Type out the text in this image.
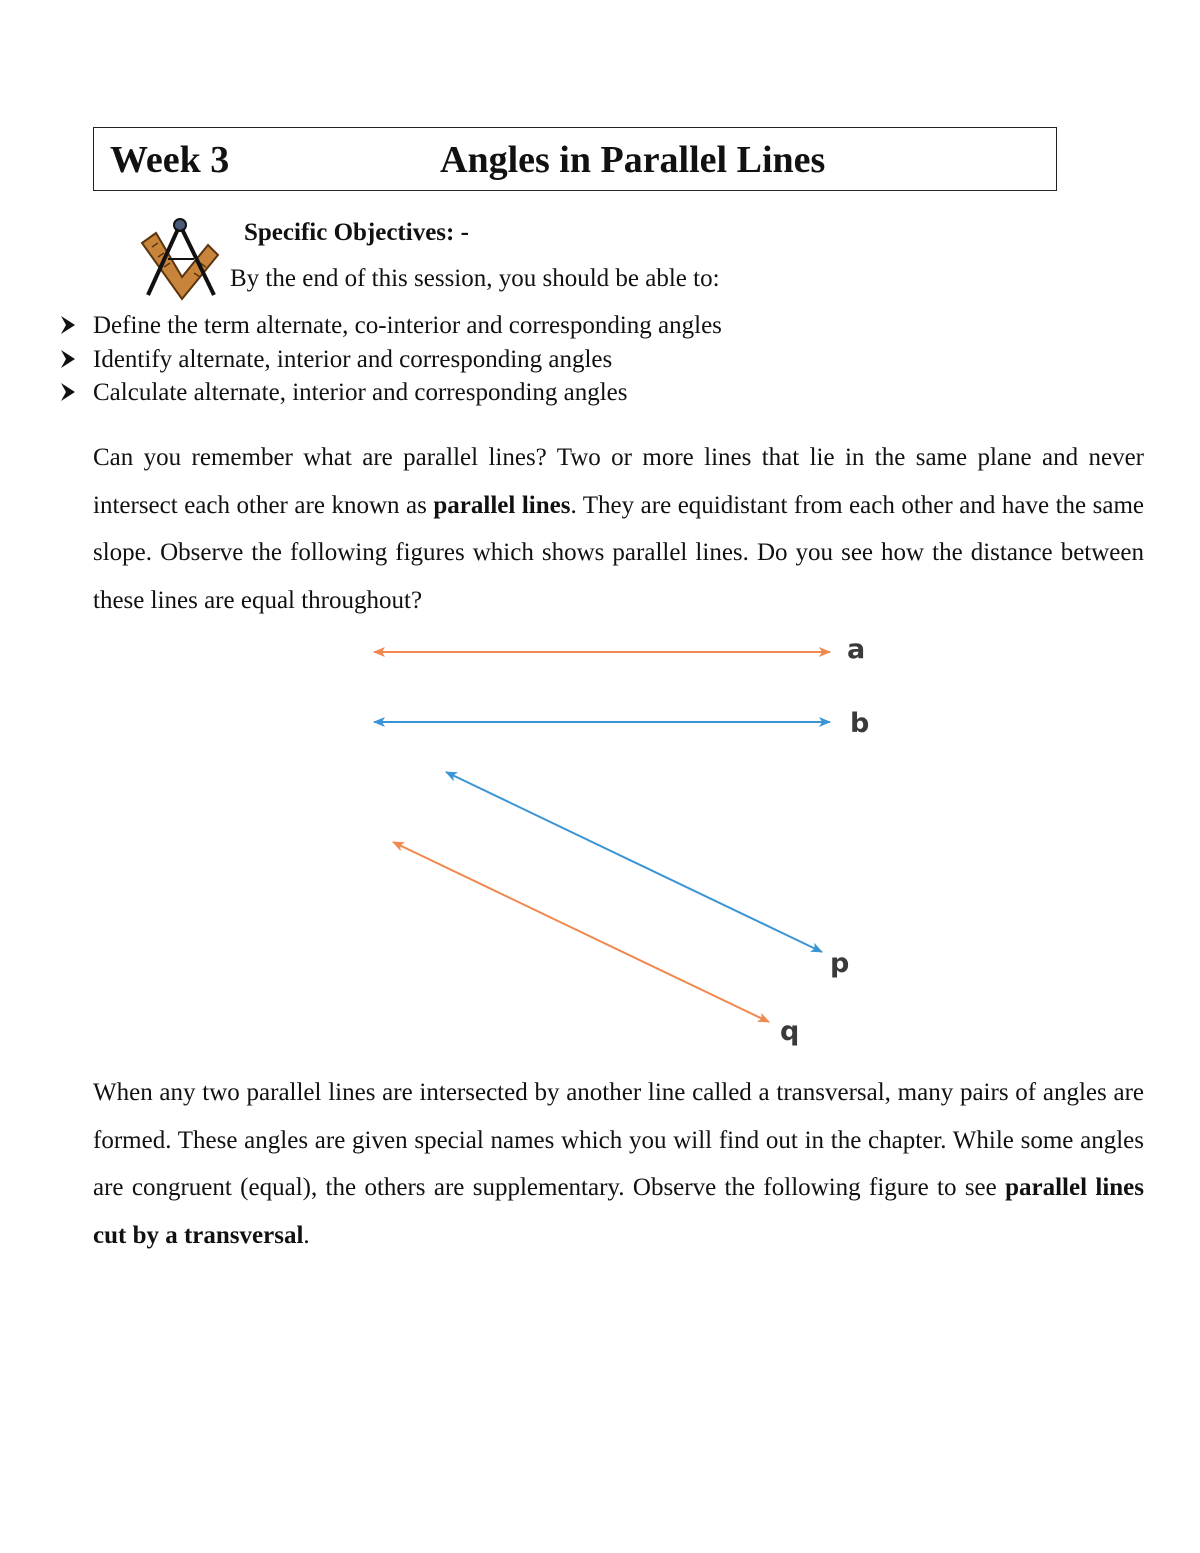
Week 3	Angles in Parallel Lines
Specific Objectives: -
By the end of this session, you should be able to:
Define the term alternate, co-interior and corresponding angles
Identify alternate, interior and corresponding angles
Calculate alternate, interior and corresponding angles

Can you remember what are parallel lines? Two or more lines that lie in the same plane and never intersect each other are known as parallel lines. They are equidistant from each other and have the same slope. Observe the following figures which shows parallel lines. Do you see how the distance between these lines are equal throughout?

a
b
p
q

When any two parallel lines are intersected by another line called a transversal, many pairs of angles are formed. These angles are given special names which you will find out in the chapter. While some angles are congruent (equal), the others are supplementary. Observe the following figure to see parallel lines cut by a transversal.
